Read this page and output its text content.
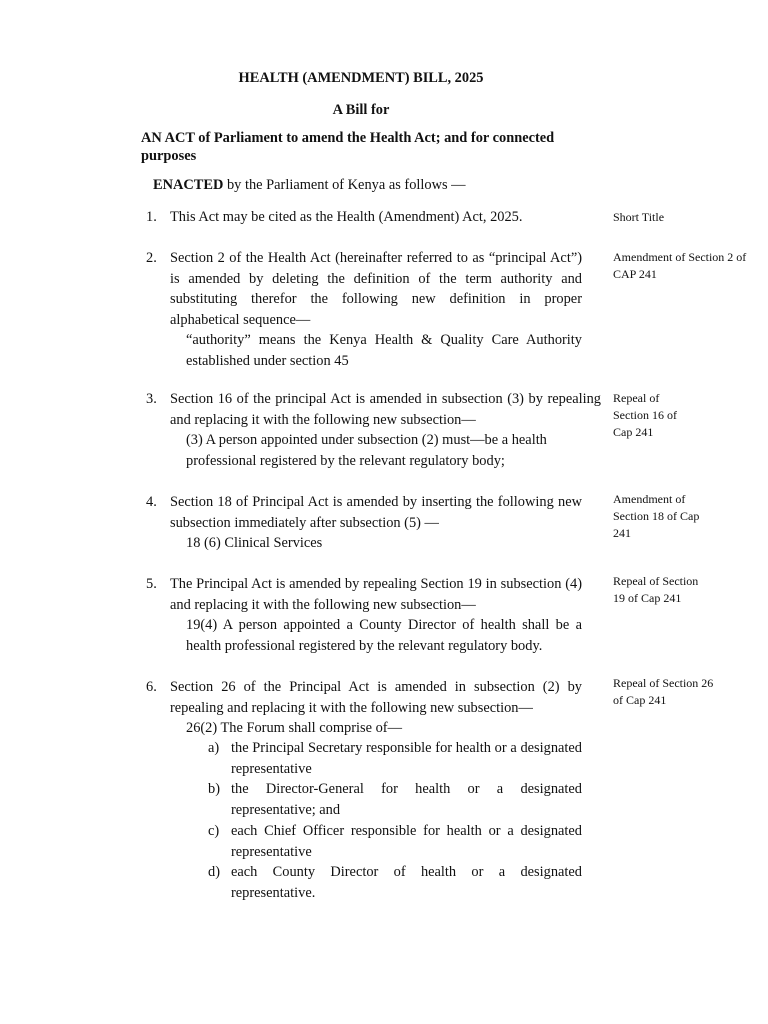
HEALTH (AMENDMENT) BILL, 2025
A Bill for
AN ACT of Parliament to amend the Health Act; and for connected purposes
ENACTED by the Parliament of Kenya as follows —
1. This Act may be cited as the Health (Amendment) Act, 2025.	Short Title
2. Section 2 of the Health Act (hereinafter referred to as “principal Act”) is amended by deleting the definition of the term authority and substituting therefor the following new definition in proper alphabetical sequence—
“authority” means the Kenya Health & Quality Care Authority established under section 45
Amendment of Section 2 of CAP 241
3. Section 16 of the principal Act is amended in subsection (3) by repealing and replacing it with the following new subsection—
(3) A person appointed under subsection (2) must—be a health professional registered by the relevant regulatory body;
Repeal of Section 16 of Cap 241
4. Section 18 of Principal Act is amended by inserting the following new subsection immediately after subsection (5) —
18 (6) Clinical Services
Amendment of Section 18 of Cap 241
5. The Principal Act is amended by repealing Section 19 in subsection (4) and replacing it with the following new subsection—
19(4) A person appointed a County Director of health shall be a health professional registered by the relevant regulatory body.
Repeal of Section 19 of Cap 241
6. Section 26 of the Principal Act is amended in subsection (2) by repealing and replacing it with the following new subsection—
26(2) The Forum shall comprise of—
Repeal of Section 26 of Cap 241
a) the Principal Secretary responsible for health or a designated representative
b) the Director-General for health or a designated representative; and
c) each Chief Officer responsible for health or a designated representative
d) each County Director of health or a designated representative.
